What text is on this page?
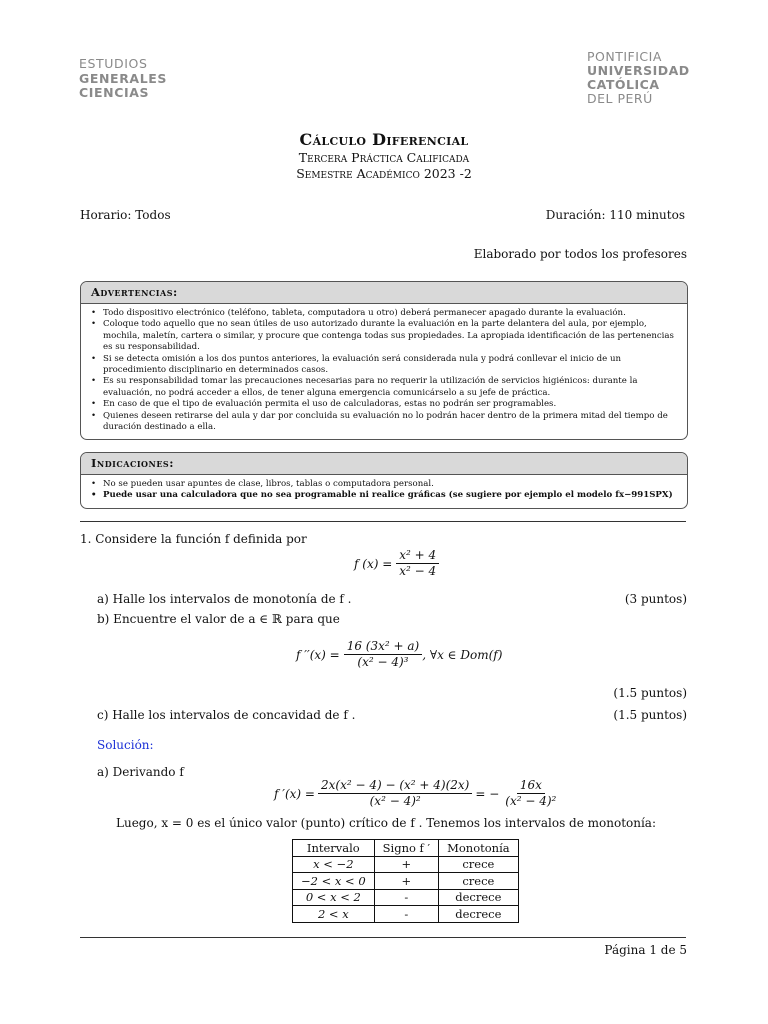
ESTUDIOS
GENERALES
CIENCIAS
PONTIFICIA
UNIVERSIDAD
CATÓLICA
DEL PERÚ
Cálculo Diferencial
Tercera Práctica Calificada
Semestre Académico 2023 -2
Horario: Todos	Duración: 110 minutos
Elaborado por todos los profesores
Advertencias:
• Todo dispositivo electrónico (teléfono, tableta, computadora u otro) deberá permanecer apagado durante la evaluación.
• Coloque todo aquello que no sean útiles de uso autorizado durante la evaluación en la parte delantera del aula, por ejemplo, mochila, maletín, cartera o similar, y procure que contenga todas sus propiedades. La apropiada identificación de las pertenencias es su responsabilidad.
• Si se detecta omisión a los dos puntos anteriores, la evaluación será considerada nula y podrá conllevar el inicio de un procedimiento disciplinario en determinados casos.
• Es su responsabilidad tomar las precauciones necesarias para no requerir la utilización de servicios higiénicos: durante la evaluación, no podrá acceder a ellos, de tener alguna emergencia comunicárselo a su jefe de práctica.
• En caso de que el tipo de evaluación permita el uso de calculadoras, estas no podrán ser programables.
• Quienes deseen retirarse del aula y dar por concluida su evaluación no lo podrán hacer dentro de la primera mitad del tiempo de duración destinado a ella.
Indicaciones:
• No se pueden usar apuntes de clase, libros, tablas o computadora personal.
• Puede usar una calculadora que no sea programable ni realice gráficas (se sugiere por ejemplo el modelo fx−991SPX)
1. Considere la función f definida por
f $(x) = \frac{\text{x² + 4}}{\text{x² − 4}}$
a) Halle los intervalos de monotonía de f .	(3 puntos)
b) Encuentre el valor de a ∈ ℝ para que
f $''(x) = \frac{\text{16 (3x² + a)}}{\text{(x² − 4)³}}$ , ∀x ∈ Dom(f)
(1.5 puntos)
c) Halle los intervalos de concavidad de f .	(1.5 puntos)
Solución:
a) Derivando f
f $'(x) = \frac{\text{2x(x² − 4) − (x² + 4)(2x)}}{\text{(x² − 4)²}}$ = − $\frac{16x}{\text{(x² − 4)²}}$
Luego, x = 0 es el único valor (punto) crítico de f . Tenemos los intervalos de monotonía:
Intervalo	Signo f ′	Monotonía
x < −2	+	crece
−2 < x < 0	+	crece
0 < x < 2	-	decrece
2 < x	-	decrece
Página 1 de 5
